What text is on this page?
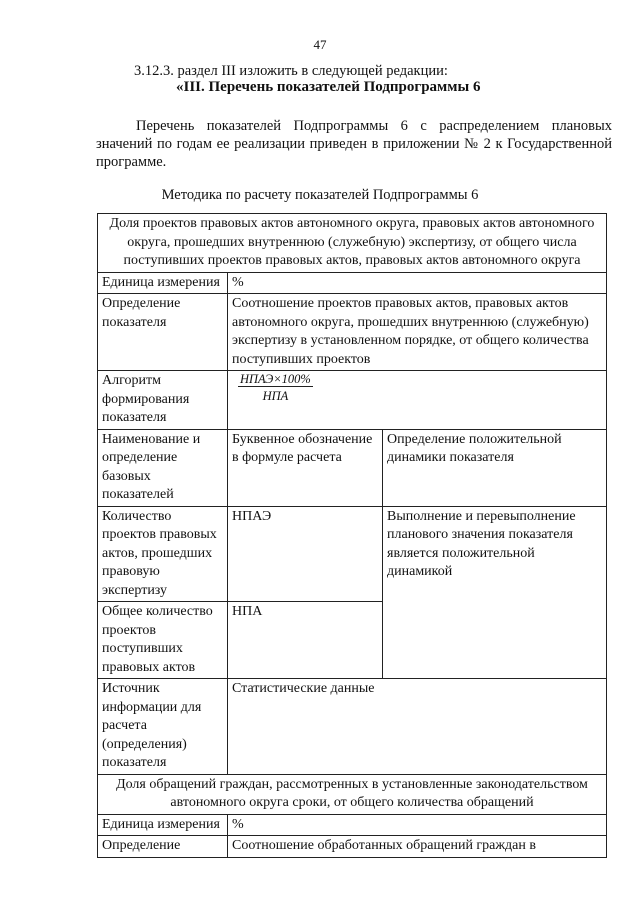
47
3.12.3. раздел III изложить в следующей редакции:
«III. Перечень показателей Подпрограммы 6
Перечень показателей Подпрограммы 6 с распределением плановых значений по годам ее реализации приведен в приложении № 2 к Государственной программе.
Методика по расчету показателей Подпрограммы 6
Доля проектов правовых актов автономного округа, правовых актов автономного округа, прошедших внутреннюю (служебную) экспертизу, от общего числа поступивших проектов правовых актов, правовых актов автономного округа		
Единица измерения	%	
Определение показателя	Соотношение проектов правовых актов, правовых актов автономного округа, прошедших внутреннюю (служебную) экспертизу в установленном порядке, от общего количества поступивших проектов	
Алгоритм формирования показателя	$\frac{\text{НПАЭ×100\%}}{\text{НПА}}$

Наименование и определение базовых показателей	Буквенное обозначение в формуле расчета	Определение положительной динамики показателя
Количество проектов правовых актов, прошедших правовую экспертизу	НПАЭ	Выполнение и перевыполнение планового значения показателя является положительной динамикой
Общее количество проектов поступивших правовых актов	НПА	
Источник информации для расчета (определения) показателя	Статистические данные	
Доля обращений граждан, рассмотренных в установленные законодательством автономного округа сроки, от общего количества обращений		
Единица измерения	%	
Определение	Соотношение обработанных обращений граждан в	
